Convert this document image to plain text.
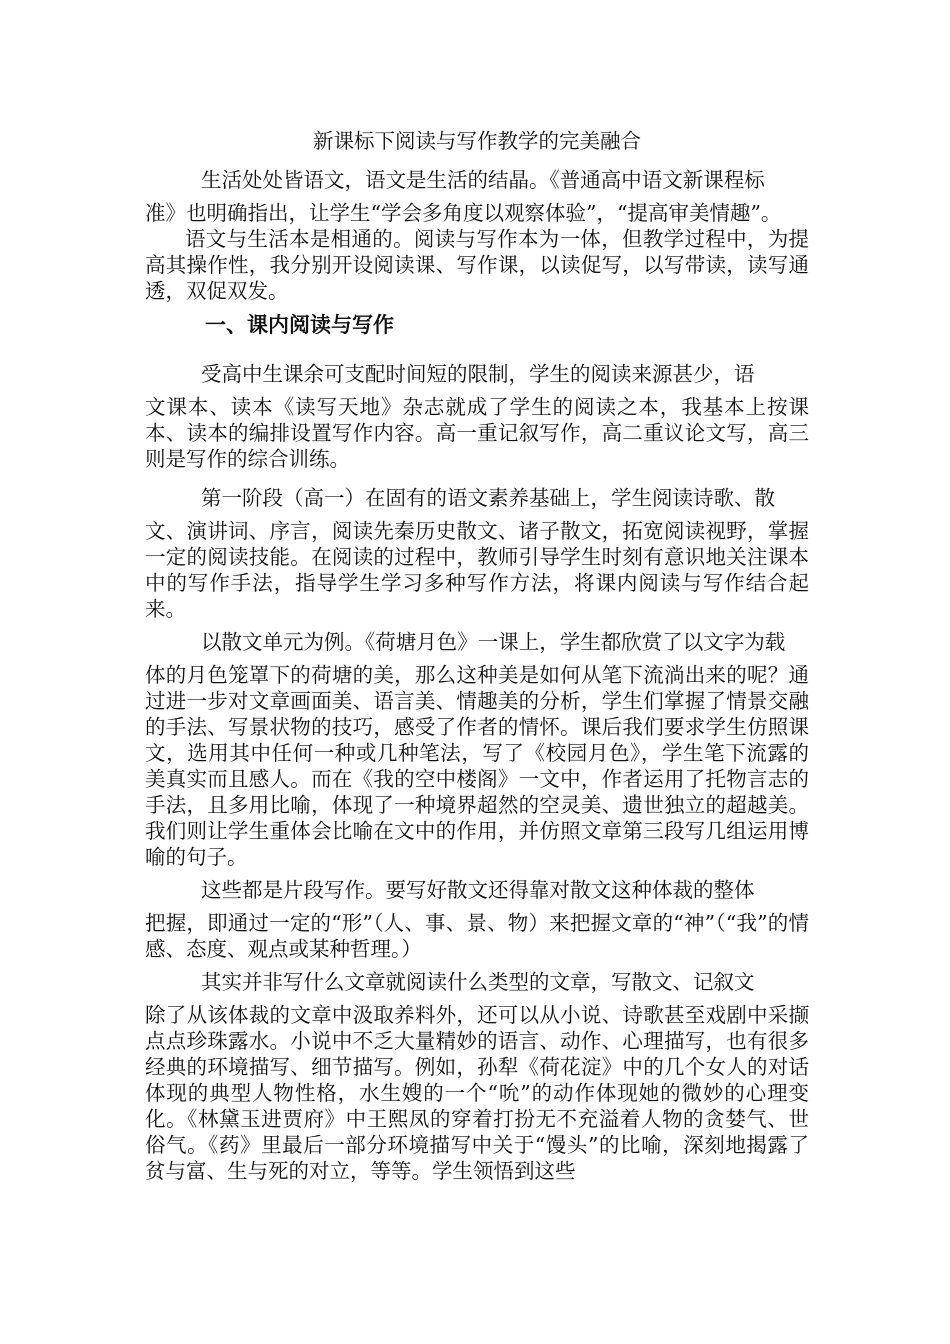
新课标下阅读与写作教学的完美融合

生活处处皆语文，语文是生活的结晶。《普通高中语文新课程标
准》也明确指出，让学生“学会多角度以观察体验”，“提高审美情趣”。

语文与生活本是相通的。阅读与写作本为一体，但教学过程中，为提高其操作性，我分别开设阅读课、写作课，以读促写，以写带读，读写通透，双促双发。

一、课内阅读与写作
受高中生课余可支配时间短的限制，学生的阅读来源甚少，语
文课本、读本《读写天地》杂志就成了学生的阅读之本，我基本上按课本、读本的编排设置写作内容。高一重记叙写作，高二重议论文写，高三则是写作的综合训练。
第一阶段（高一）在固有的语文素养基础上，学生阅读诗歌、散
文、演讲词、序言，阅读先秦历史散文、诸子散文，拓宽阅读视野，掌握一定的阅读技能。在阅读的过程中，教师引导学生时刻有意识地关注课本中的写作手法，指导学生学习多种写作方法，将课内阅读与写作结合起来。
以散文单元为例。《荷塘月色》一课上，学生都欣赏了以文字为载
体的月色笼罩下的荷塘的美，那么这种美是如何从笔下流淌出来的呢？通过进一步对文章画面美、语言美、情趣美的分析，学生们掌握了情景交融的手法、写景状物的技巧，感受了作者的情怀。课后我们要求学生仿照课文，选用其中任何一种或几种笔法，写了《校园月色》，学生笔下流露的美真实而且感人。而在《我的空中楼阁》一文中，作者运用了托物言志的手法，且多用比喻，体现了一种境界超然的空灵美、遗世独立的超越美。我们则让学生重体会比喻在文中的作用，并仿照文章第三段写几组运用博喻的句子。
这些都是片段写作。要写好散文还得靠对散文这种体裁的整体
把握，即通过一定的“形”（人、事、景、物）来把握文章的“神”（“我”的情感、态度、观点或某种哲理。）
其实并非写什么文章就阅读什么类型的文章，写散文、记叙文
除了从该体裁的文章中汲取养料外，还可以从小说、诗歌甚至戏剧中采撷点点珍珠露水。小说中不乏大量精妙的语言、动作、心理描写，也有很多经典的环境描写、细节描写。例如，孙犁《荷花淀》中的几个女人的对话体现的典型人物性格，水生嫂的一个“吮”的动作体现她的微妙的心理变化。《林黛玉进贾府》中王熙凤的穿着打扮无不充溢着人物的贪婪气、世俗气。《药》里最后一部分环境描写中关于“馒头”的比喻，深刻地揭露了贫与富、生与死的对立，等等。学生领悟到这些
